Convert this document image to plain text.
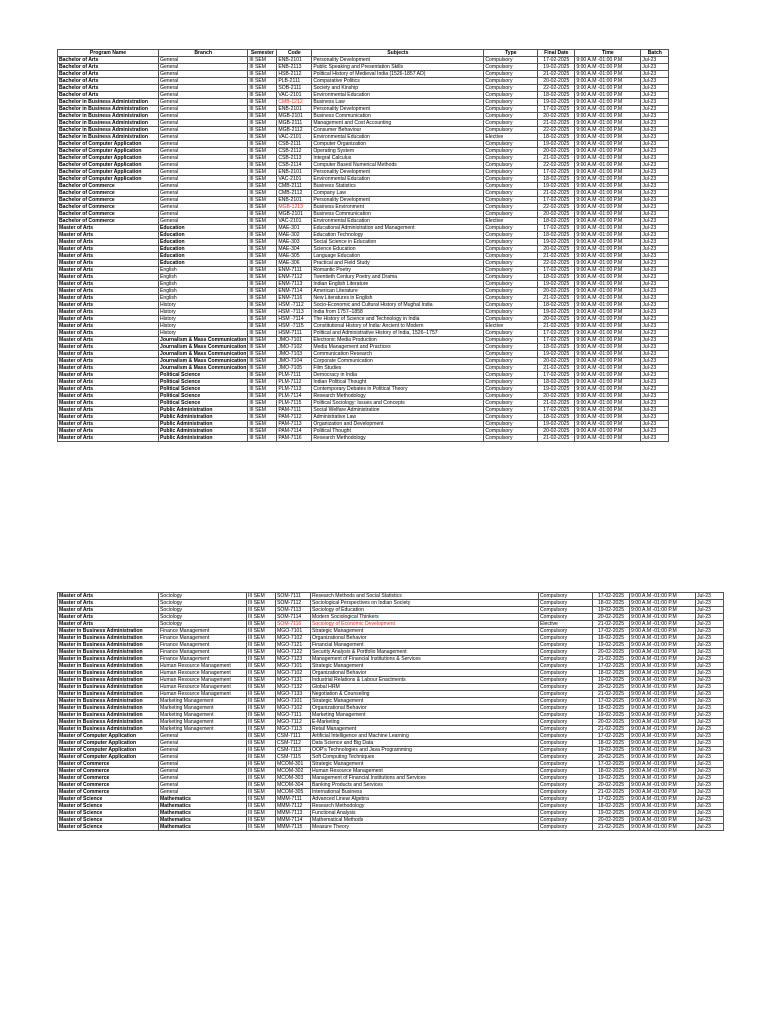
Program Name	Branch	Semester	Code	Subjects	Type	Final Date	Time	Batch
Bachelor of Arts	General	III SEM	ENB-2101	Personality Development	Compulsory	17-02-2025	9:00 A.M -01:00 P.M	Jul-23
Bachelor of Arts	General	III SEM	ENB-2113	Public Speaking and Presentation Skills	Compulsory	19-02-2025	9:00 A.M -01:00 P.M	Jul-23
Bachelor of Arts	General	III SEM	HSB-2112	Political History of Medieval India (1526-1857 AD)	Compulsory	21-02-2025	9:00 A.M -01:00 P.M	Jul-23
Bachelor of Arts	General	III SEM	PLB-2111	Comparative Politics	Compulsory	20-02-2025	9:00 A.M -01:00 P.M	Jul-23
Bachelor of Arts	General	III SEM	SOB-2111	Society and Kinship	Compulsory	22-02-2025	9:00 A.M -01:00 P.M	Jul-23
Bachelor of Arts	General	III SEM	VAC-2101	Environmental Education	Compulsory	18-02-2025	9:00 A.M -01:00 P.M	Jul-23
Bachelor in Business Administration	General	III SEM	CMB-1212	Business Law	Compulsory	19-02-2025	9:00 A.M -01:00 P.M	Jul-23
Bachelor in Business Administration	General	III SEM	ENB-2101	Personality Development	Compulsory	17-02-2025	9:00 A.M -01:00 P.M	Jul-23
Bachelor in Business Administration	General	III SEM	MGB-2101	Business Communication	Compulsory	20-02-2025	9:00 A.M -01:00 P.M	Jul-23
Bachelor in Business Administration	General	III SEM	MGB-2111	Management and Cost Accounting	Compulsory	21-02-2025	9:00 A.M -01:00 P.M	Jul-23
Bachelor in Business Administration	General	III SEM	MGB-2112	Consumer Behaviour	Compulsory	22-02-2025	9:00 A.M -01:00 P.M	Jul-23
Bachelor in Business Administration	General	III SEM	VAC-2101	Environmental Education	Elective	18-02-2025	9:00 A.M -01:00 P.M	Jul-23
Bachelor of Computer Application	General	III SEM	CSB-2111	Computer Organization	Compulsory	19-02-2025	9:00 A.M -01:00 P.M	Jul-23
Bachelor of Computer Application	General	III SEM	CSB-2112	Operating System	Compulsory	20-02-2025	9:00 A.M -01:00 P.M	Jul-23
Bachelor of Computer Application	General	III SEM	CSB-2113	Integral Calculus	Compulsory	21-02-2025	9:00 A.M -01:00 P.M	Jul-23
Bachelor of Computer Application	General	III SEM	CSB-2114	Computer Based Numerical Methods	Compulsory	22-02-2025	9:00 A.M -01:00 P.M	Jul-23
Bachelor of Computer Application	General	III SEM	ENB-2101	Personality Development	Compulsory	17-02-2025	9:00 A.M -01:00 P.M	Jul-23
Bachelor of Computer Application	General	III SEM	VAC-2101	Environmental Education	Compulsory	18-02-2025	9:00 A.M -01:00 P.M	Jul-23
Bachelor of Commerce	General	III SEM	CMB-2111	Business Statistics	Compulsory	19-02-2025	9:00 A.M -01:00 P.M	Jul-23
Bachelor of Commerce	General	III SEM	CMB-2112	Company Law	Compulsory	21-02-2025	9:00 A.M -01:00 P.M	Jul-23
Bachelor of Commerce	General	III SEM	ENB-2101	Personality Development	Compulsory	17-02-2025	9:00 A.M -01:00 P.M	Jul-23
Bachelor of Commerce	General	III SEM	MGB-1213	Business Environment	Compulsory	22-02-2025	9:00 A.M -01:00 P.M	Jul-23
Bachelor of Commerce	General	III SEM	MGB-2101	Business Communication	Compulsory	20-02-2025	9:00 A.M -01:00 P.M	Jul-23
Bachelor of Commerce	General	III SEM	VAC-2101	Environmental Education	Elective	18-02-2025	9:00 A.M -01:00 P.M	Jul-23
Master of Arts	Education	III SEM	MAE-301	Educational Administration and Management	Compulsory	17-02-2025	9:00 A.M -01:00 P.M	Jul-23
Master of Arts	Education	III SEM	MAE-302	Education Technology	Compulsory	18-02-2025	9:00 A.M -01:00 P.M	Jul-23
Master of Arts	Education	III SEM	MAE-303	Social Science in Education	Compulsory	19-02-2025	9:00 A.M -01:00 P.M	Jul-23
Master of Arts	Education	III SEM	MAE-304	Science Education	Compulsory	20-02-2025	9:00 A.M -01:00 P.M	Jul-23
Master of Arts	Education	III SEM	MAE-305	Language Education	Compulsory	21-02-2025	9:00 A.M -01:00 P.M	Jul-23
Master of Arts	Education	III SEM	MAE-306	Practical and Field Study	Compulsory	22-02-2025	9:00 A.M -01:00 P.M	Jul-23
Master of Arts	English	III SEM	ENM-7111	Romantic Poetry	Compulsory	17-02-2025	9:00 A.M -01:00 P.M	Jul-23
Master of Arts	English	III SEM	ENM-7112	Twentieth Century Poetry and Drama	Compulsory	18-02-2025	9:00 A.M -01:00 P.M	Jul-23
Master of Arts	English	III SEM	ENM-7113	Indian English Literature	Compulsory	19-02-2025	9:00 A.M -01:00 P.M	Jul-23
Master of Arts	English	III SEM	ENM-7114	American Literature	Compulsory	20-02-2025	9:00 A.M -01:00 P.M	Jul-23
Master of Arts	English	III SEM	ENM-7116	New Literatures in English	Compulsory	21-02-2025	9:00 A.M -01:00 P.M	Jul-23
Master of Arts	History	III SEM	HSM -7112	Socio-Economic and Cultural History of Mughal India	Compulsory	18-02-2025	9:00 A.M -01:00 P.M	Jul-23
Master of Arts	History	III SEM	HSM -7113	India from 1757–1858	Compulsory	19-02-2025	9:00 A.M -01:00 P.M	Jul-23
Master of Arts	History	III SEM	HSM -7114	The History of Science and Technology in India	Compulsory	20-02-2025	9:00 A.M -01:00 P.M	Jul-23
Master of Arts	History	III SEM	HSM -7115	Constitutional History of India: Ancient to Modern	Elective	21-02-2025	9:00 A.M -01:00 P.M	Jul-23
Master of Arts	History	III SEM	HSM-7111	Political and Administrative History of India, 1526–1757	Compulsory	17-02-2025	9:00 A.M -01:00 P.M	Jul-23
Master of Arts	Journalism & Mass Communication	III SEM	JMO-7101	Electronic Media Production	Compulsory	17-02-2025	9:00 A.M -01:00 P.M	Jul-23
Master of Arts	Journalism & Mass Communication	III SEM	JMO-7102	Media Management and Practices	Compulsory	18-02-2025	9:00 A.M -01:00 P.M	Jul-23
Master of Arts	Journalism & Mass Communication	III SEM	JMO-7103	Communication Research	Compulsory	19-02-2025	9:00 A.M -01:00 P.M	Jul-23
Master of Arts	Journalism & Mass Communication	III SEM	JMO-7104	Corporate Communication	Compulsory	20-02-2025	9:00 A.M -01:00 P.M	Jul-23
Master of Arts	Journalism & Mass Communication	III SEM	JMO-7105	Film Studies	Compulsory	21-02-2025	9:00 A.M -01:00 P.M	Jul-23
Master of Arts	Political Science	III SEM	PLM-7111	Democracy in India	Compulsory	17-02-2025	9:00 A.M -01:00 P.M	Jul-23
Master of Arts	Political Science	III SEM	PLM-7112	Indian Political Thought	Compulsory	18-02-2025	9:00 A.M -01:00 P.M	Jul-23
Master of Arts	Political Science	III SEM	PLM-7113	Contemporary Debates in Political Theory	Compulsory	19-02-2025	9:00 A.M -01:00 P.M	Jul-23
Master of Arts	Political Science	III SEM	PLM-7114	Research Methodology	Compulsory	20-02-2025	9:00 A.M -01:00 P.M	Jul-23
Master of Arts	Political Science	III SEM	PLM-7115	Political Sociology: Issues and Concepts	Compulsory	21-02-2025	9:00 A.M -01:00 P.M	Jul-23
Master of Arts	Public Administration	III SEM	PAM-7111	Social Welfare Administration	Compulsory	17-02-2025	9:00 A.M -01:00 P.M	Jul-23
Master of Arts	Public Administration	III SEM	PAM-7112	Administrative Law	Compulsory	18-02-2025	9:00 A.M -01:00 P.M	Jul-23
Master of Arts	Public Administration	III SEM	PAM-7113	Organization and Development	Compulsory	19-02-2025	9:00 A.M -01:00 P.M	Jul-23
Master of Arts	Public Administration	III SEM	PAM-7114	Political Thought	Compulsory	20-02-2025	9:00 A.M -01:00 P.M	Jul-23
Master of Arts	Public Administration	III SEM	PAM-7116	Research Methodology	Compulsory	21-02-2025	9:00 A.M -01:00 P.M	Jul-23
Master of Arts	Sociology	III SEM	SOM-7111	Research Methods and Social Statistics	Compulsory	17-02-2025	9:00 A.M -01:00 P.M	Jul-23
Master of Arts	Sociology	III SEM	SOM-7112	Sociological Perspectives on Indian Society	Compulsory	18-02-2025	9:00 A.M -01:00 P.M	Jul-23
Master of Arts	Sociology	III SEM	SOM-7113	Sociology of Education	Compulsory	19-02-2025	9:00 A.M -01:00 P.M	Jul-23
Master of Arts	Sociology	III SEM	SOM-7114	Modern Sociological Thinkers	Compulsory	20-02-2025	9:00 A.M -01:00 P.M	Jul-23
Master of Arts	Sociology	III SEM	SOM-7116	Sociology of Economic Development	Elective	21-02-2025	9:00 A.M -01:00 P.M	Jul-23
Master in Business Administration	Finance Management	III SEM	MGO-7101	Strategic Management	Compulsory	17-02-2025	9:00 A.M -01:00 P.M	Jul-23
Master in Business Administration	Finance Management	III SEM	MGO-7102	Organizational Behavior	Compulsory	18-02-2025	9:00 A.M -01:00 P.M	Jul-23
Master in Business Administration	Finance Management	III SEM	MGO-7121	Financial Management	Compulsory	19-02-2025	9:00 A.M -01:00 P.M	Jul-23
Master in Business Administration	Finance Management	III SEM	MGO-7122	Security Analysis & Portfolio Management	Compulsory	20-02-2025	9:00 A.M -01:00 P.M	Jul-23
Master in Business Administration	Finance Management	III SEM	MGO-7123	Management of Financial Institutions & Services	Compulsory	21-02-2025	9:00 A.M -01:00 P.M	Jul-23
Master in Business Administration	Human Resource Management	III SEM	MGO-7101	Strategic Management	Compulsory	17-02-2025	9:00 A.M -01:00 P.M	Jul-23
Master in Business Administration	Human Resource Management	III SEM	MGO-7102	Organizational Behavior	Compulsory	18-02-2025	9:00 A.M -01:00 P.M	Jul-23
Master in Business Administration	Human Resource Management	III SEM	MGO-7131	Industrial Relations & Labour Enactments	Compulsory	19-02-2025	9:00 A.M -01:00 P.M	Jul-23
Master in Business Administration	Human Resource Management	III SEM	MGO-7132	Global HRM	Compulsory	20-02-2025	9:00 A.M -01:00 P.M	Jul-23
Master in Business Administration	Human Resource Management	III SEM	MGO-7133	Negotiation & Counseling	Compulsory	21-02-2025	9:00 A.M -01:00 P.M	Jul-23
Master in Business Administration	Marketing Management	III SEM	MGO-7101	Strategic Management	Compulsory	17-02-2025	9:00 A.M -01:00 P.M	Jul-23
Master in Business Administration	Marketing Management	III SEM	MGO-7102	Organizational Behavior	Compulsory	18-02-2025	9:00 A.M -01:00 P.M	Jul-23
Master in Business Administration	Marketing Management	III SEM	MGO-7111	Marketing Management	Compulsory	19-02-2025	9:00 A.M -01:00 P.M	Jul-23
Master in Business Administration	Marketing Management	III SEM	MGO-7112	E-Marketing	Compulsory	20-02-2025	9:00 A.M -01:00 P.M	Jul-23
Master in Business Administration	Marketing Management	III SEM	MGO-7113	Retail Management	Compulsory	21-02-2025	9:00 A.M -01:00 P.M	Jul-23
Master of Computer Application	General	III SEM	CSM-7111	Artificial Intelligence and Machine Learning	Compulsory	17-02-2025	9:00 A.M -01:00 P.M	Jul-23
Master of Computer Application	General	III SEM	CSM-7112	Data Science and Big Data	Compulsory	18-02-2025	9:00 A.M -01:00 P.M	Jul-23
Master of Computer Application	General	III SEM	CSM-7113	OOP's Technologies and Java Programming	Compulsory	19-02-2025	9:00 A.M -01:00 P.M	Jul-23
Master of Computer Application	General	III SEM	CSM-7115	Soft Computing Techniques	Compulsory	20-02-2025	9:00 A.M -01:00 P.M	Jul-23
Master of Commerce	General	III SEM	MCOM-301	Strategic Management	Compulsory	17-02-2025	9:00 A.M -01:00 P.M	Jul-23
Master of Commerce	General	III SEM	MCOM-302	Human Resource Management	Compulsory	18-02-2025	9:00 A.M -01:00 P.M	Jul-23
Master of Commerce	General	III SEM	MCOM-303	Management of Financial Institutions and Services	Compulsory	19-02-2025	9:00 A.M -01:00 P.M	Jul-23
Master of Commerce	General	III SEM	MCOM-304	Banking Products and Services	Compulsory	20-02-2025	9:00 A.M -01:00 P.M	Jul-23
Master of Commerce	General	III SEM	MCOM-305	International Business	Compulsory	21-02-2025	9:00 A.M -01:00 P.M	Jul-23
Master of Science	Mathematics	III SEM	MMM-7111	Advanced Linear Algebra	Compulsory	17-02-2025	9:00 A.M -01:00 P.M	Jul-23
Master of Science	Mathematics	III SEM	MMM-7112	Research Methodology	Compulsory	18-02-2025	9:00 A.M -01:00 P.M	Jul-23
Master of Science	Mathematics	III SEM	MMM-7113	Functional Analysis	Compulsory	19-02-2025	9:00 A.M -01:00 P.M	Jul-23
Master of Science	Mathematics	III SEM	MMM-7114	Mathematical Methods	Compulsory	20-02-2025	9:00 A.M -01:00 P.M	Jul-23
Master of Science	Mathematics	III SEM	MMM-7115	Measure Theory	Compulsory	21-02-2025	9:00 A.M -01:00 P.M	Jul-23
